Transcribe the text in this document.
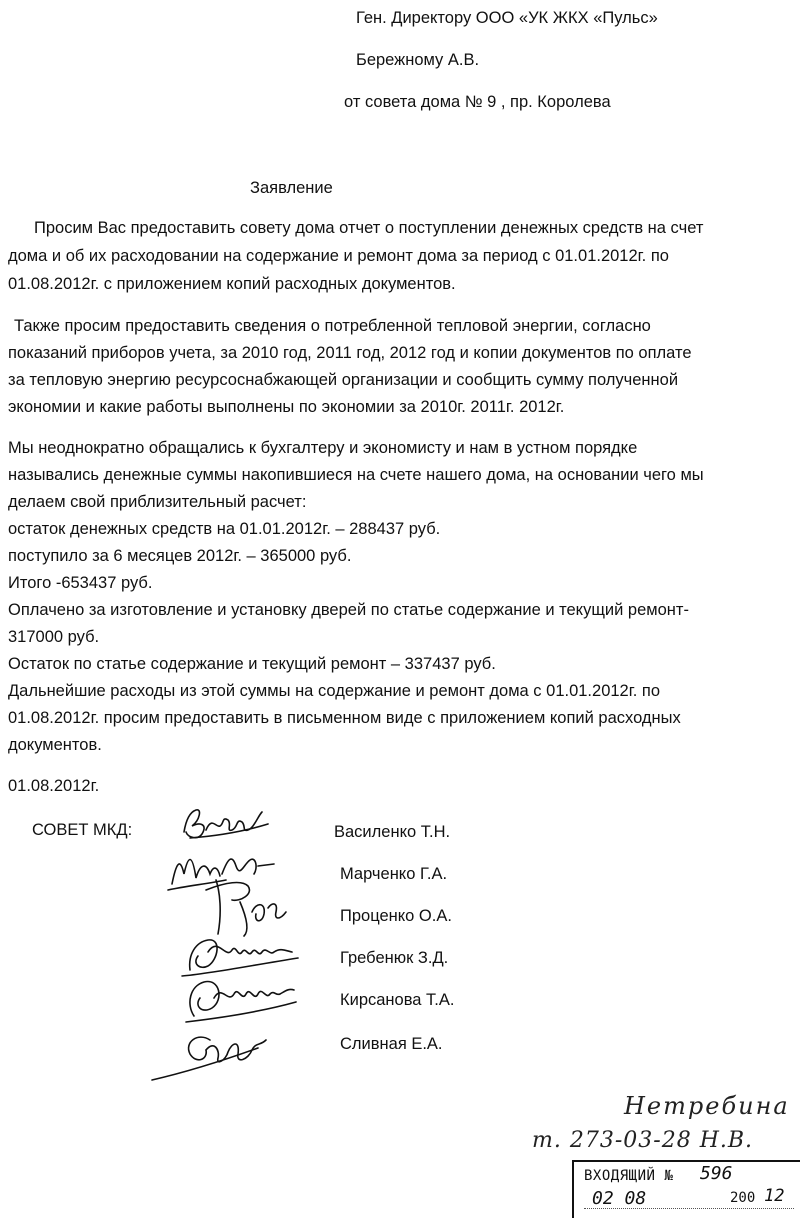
Ген. Директору ООО «УК ЖКХ «Пульс»
Бережному А.В.
от совета дома № 9 , пр. Королева
Заявление
Просим Вас предоставить совету дома отчет о поступлении денежных средств на счет
дома и об их расходовании на содержание и ремонт дома за период с 01.01.2012г. по
01.08.2012г. с приложением копий расходных документов.
Также просим предоставить сведения о потребленной тепловой энергии, согласно
показаний приборов учета, за 2010 год, 2011 год, 2012 год и копии документов по оплате
за тепловую энергию ресурсоснабжающей организации и сообщить сумму полученной
экономии и какие работы выполнены по экономии за 2010г. 2011г. 2012г.
Мы неоднократно обращались к бухгалтеру и экономисту и нам в устном порядке
назывались денежные суммы накопившиеся на счете нашего дома, на основании чего мы
делаем свой приблизительный расчет:
остаток денежных средств на 01.01.2012г. – 288437 руб.
поступило за 6 месяцев 2012г. – 365000 руб.
Итого -653437 руб.
Оплачено за изготовление и установку дверей по статье содержание и текущий ремонт-
317000 руб.
Остаток по статье содержание и текущий ремонт – 337437 руб.
Дальнейшие расходы из этой суммы на содержание и ремонт дома с 01.01.2012г. по
01.08.2012г. просим предоставить в письменном виде с приложением копий расходных
документов.
01.08.2012г.
СОВЕТ МКД:	Василенко Т.Н.
Марченко Г.А.
Проценко О.А.
Гребенюк З.Д.
Кирсанова Т.А.
Сливная Е.А.
Нетребина
т. 273-03-28 Н.В.
ВХОДЯЩИЙ № 596
02 08	200 12
